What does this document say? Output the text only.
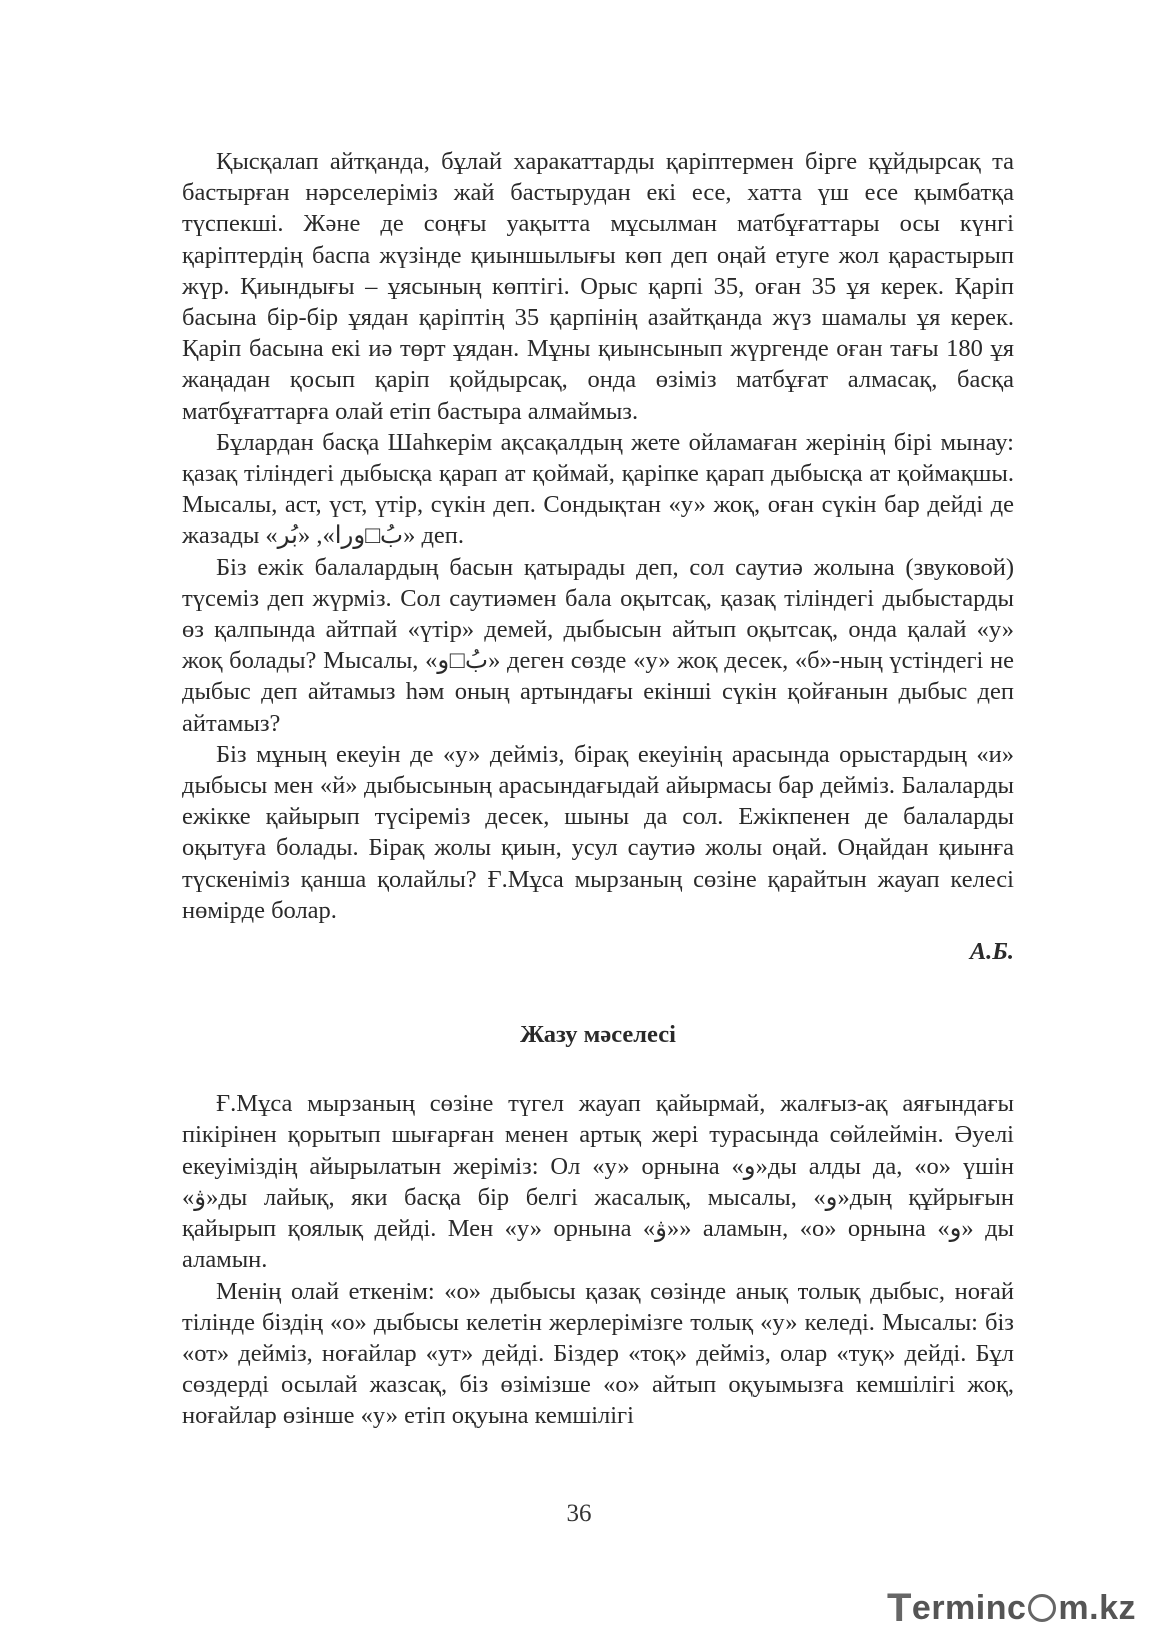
Қысқалап айтқанда, бұлай харакаттарды қаріптермен бірге құйдырсақ та бастырған нәрселеріміз жай бастырудан екі есе, хатта үш есе қымбатқа түспекші. Және де соңғы уақытта мұсылман матбұғаттары осы күнгі қаріптердің баспа жүзінде қиыншылығы көп деп оңай етуге жол қарастырып жүр. Қиындығы – ұясының көптігі. Орыс қарпі 35, оған 35 ұя керек. Қаріп басына бір-бір ұядан қаріптің 35 қарпінің азайтқанда жүз шамалы ұя керек. Қаріп басына екі иә төрт ұядан. Мұны қиынсынып жүргенде оған тағы 180 ұя жаңадан қосып қаріп қойдырсақ, онда өзіміз матбұғат алмасақ, басқа матбұғаттарға олай етіп бастыра алмаймыз.

Бұлардан басқа Шаһкерім ақсақалдың жете ойламаған жерінің бірі мынау: қазақ тіліндегі дыбысқа қарап ат қоймай, қаріпке қарап дыбысқа ат қоймақшы. Мысалы, аст, үст, үтір, сүкін деп. Сондықтан «у» жоқ, оған сүкін бар дейді де жазады «بُ□ورا», «بُر» деп.

Біз ежік балалардың басын қатырады деп, сол саутиә жолына (звуковой) түсеміз деп жүрміз. Сол саутиәмен бала оқытсақ, қазақ тіліндегі дыбыстарды өз қалпында айтпай «үтір» демей, дыбысын айтып оқытсақ, онда қалай «у» жоқ болады? Мысалы, «بُ□و» деген сөзде «у» жоқ десек, «б»-ның үстіндегі не дыбыс деп айтамыз һәм оның артындағы екінші сүкін қойғанын дыбыс деп айтамыз?

Біз мұның екеуін де «у» дейміз, бірақ екеуінің арасында орыстардың «и» дыбысы мен «й» дыбысының арасындағыдай айырмасы бар дейміз. Балаларды ежікке қайырып түсіреміз десек, шыны да сол. Ежікпенен де балаларды оқытуға болады. Бірақ жолы қиын, усул саутиә жолы оңай. Оңайдан қиынға түскеніміз қанша қолайлы? Ғ.Мұса мырзаның сөзіне қарайтын жауап келесі нөмірде болар.

А.Б.
Жазу мәселесі

Ғ.Мұса мырзаның сөзіне түгел жауап қайырмай, жалғыз-ақ аяғындағы пікірінен қорытып шығарған менен артық жері турасында сөйлеймін. Әуелі екеуіміздің айырылатын жеріміз: Ол «у» орнына «و»ды алды да, «о» үшін «ۋ»ды лайық, яки басқа бір белгі жасалық, мысалы, «و»дың құйрығын қайырып қоялық дейді. Мен «у» орнына «ۋ»» аламын, «о» орнына «و» ды аламын.

Менің олай еткенім: «о» дыбысы қазақ сөзінде анық толық дыбыс, ноғай тілінде біздің «о» дыбысы келетін жерлерімізге толық «у» келеді. Мысалы: біз «от» дейміз, ноғайлар «ут» дейді. Біздер «тоқ» дейміз, олар «туқ» дейді. Бұл сөздерді осылай жазсақ, біз өзімізше «о» айтып оқуымызға кемшілігі жоқ, ноғайлар өзінше «у» етіп оқуына кемшілігі

36
Terminc m.kz
